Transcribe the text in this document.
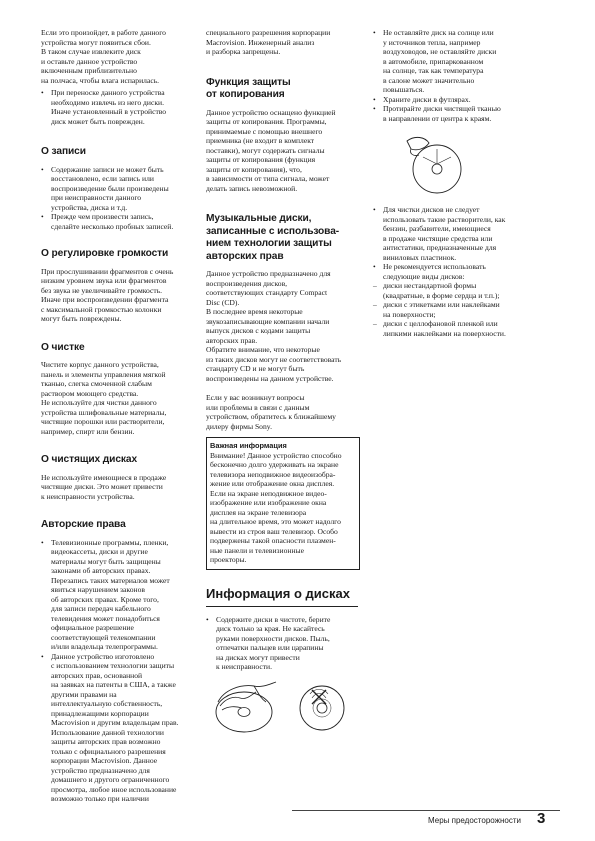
Если это произойдет, в работе данного
устройства могут появиться сбои.
В таком случае извлеките диск
и оставьте данное устройство
включенным приблизительно
на полчаса, чтобы влага испарилась.

• При переноске данного устройства
необходимо извлечь из него диски.
Иначе установленный в устройство
диск может быть поврежден.
О записи
• Содержание записи не может быть
восстановлено, если запись или
воспроизведение были произведены
при неисправности данного
устройства, диска и т.д.
• Прежде чем произвести запись,
сделайте несколько пробных записей.
О регулировке громкости

При прослушивании фрагментов с очень
низким уровнем звука или фрагментов
без звука не увеличивайте громкость.
Иначе при воспроизведении фрагмента
с максимальной громкостью колонки
могут быть повреждены.

О чистке

Чистите корпус данного устройства,
панель и элементы управления мягкой
тканью, слегка смоченной слабым
раствором моющего средства.
Не используйте для чистки данного
устройства шлифовальные материалы,
чистящие порошки или растворители,
например, спирт или бензин.

О чистящих дисках

Не используйте имеющиеся в продаже
чистящие диски. Это может привести
к неисправности устройства.

Авторские права
• Телевизионные программы, пленки,
видеокассеты, диски и другие
материалы могут быть защищены
законами об авторских правах.
Перезапись таких материалов может
явиться нарушением законов
об авторских правах. Кроме того,
для записи передач кабельного
телевидения может понадобиться
официальное разрешение
соответствующей телекомпании
и/или владельца телепрограммы.
• Данное устройство изготовлено
с использованием технологии защиты
авторских прав, основанной
на заявках на патенты в США, а также
другими правами на
интеллектуальную собственность,
принадлежащими корпорации
Macrovision и другим владельцам прав.
Использование данной технологии
защиты авторских прав возможно
только с официального разрешения
корпорации Macrovision. Данное
устройство предназначено для
домашнего и другого ограниченного
просмотра, любое иное использование
возможно только при наличии

специального разрешения корпорации
Macrovision. Инженерный анализ
и разборка запрещены.

Функция защиты
от копирования

Данное устройство оснащено функцией
защиты от копирования. Программы,
принимаемые с помощью внешнего
приемника (не входит в комплект
поставки), могут содержать сигналы
защиты от копирования (функция
защиты от копирования), что,
в зависимости от типа сигнала, может
делать запись невозможной.

Музыкальные диски,
записанные с использова-
нием технологии защиты
авторских прав

Данное устройство предназначено для
воспроизведения дисков,
соответствующих стандарту Compact
Disc (CD).
В последнее время некоторые
звукозаписывающие компании начали
выпуск дисков с кодами защиты
авторских прав.
Обратите внимание, что некоторые
из таких дисков могут не соответствовать
стандарту CD и не могут быть
воспроизведены на данном устройстве.

Если у вас возникнут вопросы
или проблемы в связи с данным
устройством, обратитесь к ближайшему
дилеру фирмы Sony.

Важная информация

Внимание! Данное устройство способно
бесконечно долго удерживать на экране
телевизора неподвижное видеоизобра-
жение или отображение окна дисплея.
Если на экране неподвижное видео-
изображение или изображение окна
дисплея на экране телевизора
на длительное время, это может надолго
вывести из строя ваш телевизор. Особо
подвержены такой опасности плазмен-
ные панели и телевизионные
проекторы.

Информация о дисках
• Содержите диски в чистоте, берите
диск только за края. Не касайтесь
руками поверхности дисков. Пыль,
отпечатки пальцев или царапины
на дисках могут привести
к неисправности.
• Не оставляйте диск на солнце или
у источников тепла, например
воздуховодов, не оставляйте диски
в автомобиле, припаркованном
на солнце, так как температура
в салоне может значительно
повышаться.
• Храните диски в футлярах.
• Протирайте диски чистящей тканью
в направлении от центра к краям.
• Для чистки дисков не следует
использовать такие растворители, как
бензин, разбавители, имеющиеся
в продаже чистящие средства или
антистатики, предназначенные для
виниловых пластинок.
• Не рекомендуется использовать
следующие виды дисков:
– диски нестандартной формы
(квадратные, в форме сердца и т.п.);
– диски с этикетками или наклейками
на поверхности;
– диски с целлофановой пленкой или
липкими наклейками на поверхности.
Меры предосторожности 3
